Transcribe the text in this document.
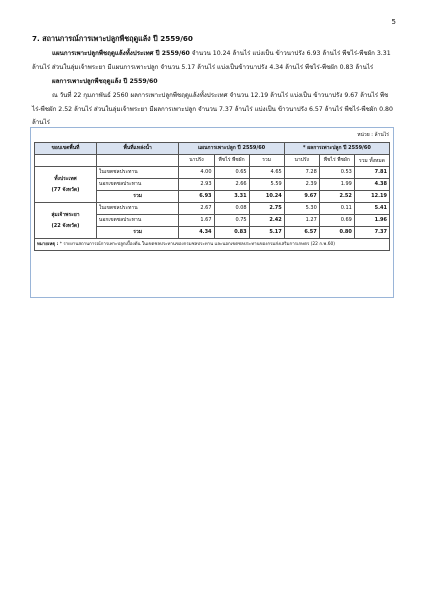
5
7. สถานการณ์การเพาะปลูกพืชฤดูแล้ง ปี 2559/60
แผนการเพาะปลูกพืชฤดูแล้งทั้งประเทศ ปี 2559/60 จำนวน 10.24 ล้านไร่ แบ่งเป็น ข้าวนาปรัง 6.93 ล้านไร่ พืชไร่-พืชผัก 3.31 ล้านไร่ ส่วนในลุ่มเจ้าพระยา มีแผนการเพาะปลูก จำนวน 5.17 ล้านไร่ แบ่งเป็นข้าวนาปรัง 4.34 ล้านไร่ พืชไร่-พืชผัก 0.83 ล้านไร่
ผลการเพาะปลูกพืชฤดูแล้ง ปี 2559/60
ณ วันที่ 22 กุมภาพันธ์ 2560 ผลการเพาะปลูกพืชฤดูแล้งทั้งประเทศ จำนวน 12.19 ล้านไร่ แบ่งเป็น ข้าวนาปรัง 9.67 ล้านไร่ พืชไร่-พืชผัก 2.52 ล้านไร่ ส่วนในลุ่มเจ้าพระยา มีผลการเพาะปลูก จำนวน 7.37 ล้านไร่ แบ่งเป็น ข้าวนาปรัง 6.57 ล้านไร่ พืชไร่-พืชผัก 0.80 ล้านไร่
หน่วย : ล้านไร่
ขอบเขตพื้นที่	พื้นที่แหล่งน้ำ	แผนการเพาะปลูก ปี 2559/60			* ผลการเพาะปลูก ปี 2559/60		
		นาปรัง	พืชไร่ พืชผัก	รวม	นาปรัง	พืชไร่ พืชผัก	รวม ทั้งหมด

ทั้งประเทศ
(77 จังหวัด)	ในเขตชลประทาน	4.00	0.65	4.65	7.28	0.53	7.81
	นอกเขตชลประทาน	2.93	2.66	5.59	2.39	1.99	4.38
	รวม	6.93	3.31	10.24	9.67	2.52	12.19

ลุ่มเจ้าพระยา
(22 จังหวัด)	ในเขตชลประทาน	2.67	0.08	2.75	5.30	0.11	5.41
	นอกเขตชลประทาน	1.67	0.75	2.42	1.27	0.69	1.96
	รวม	4.34	0.83	5.17	6.57	0.80	7.37
หมายเหตุ : * รายงานสถานการณ์การเพาะปลูกเบื้องต้น ในเขตชลประทานของกรมชลประทาน และนอกเขตชลประทานของกรมส่งเสริมการเกษตร (22 ก.พ.60)							
